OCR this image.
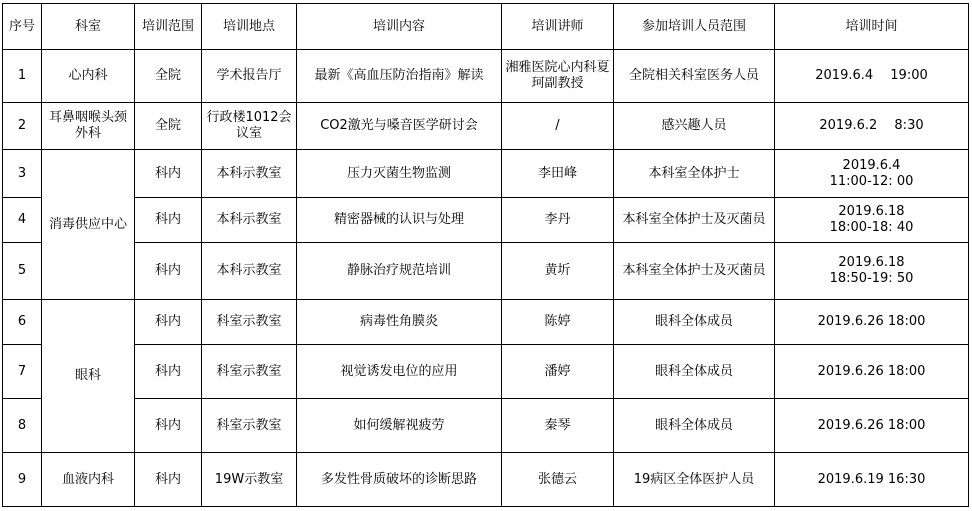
序号	科室	培训范围	培训地点	培训内容	培训讲师	参加培训人员范围	培训时间
1	心内科	全院	学术报告厅	最新《高血压防治指南》解读	湘雅医院心内科夏珂副教授	全院相关科室医务人员	2019.6.4　 19:00
2	耳鼻咽喉头颈外科	全院	行政楼1012会议室	CO2激光与嗓音医学研讨会	/	感兴趣人员	2019.6.2　 8:30
3	消毒供应中心	科内	本科示教室	压力灭菌生物监测	李田峰	本科室全体护士	2019.6.4
11:00-12: 00
4		科内	本科示教室	精密器械的认识与处理	李丹	本科室全体护士及灭菌员	2019.6.18
18:00-18: 40
5		科内	本科示教室	静脉治疗规范培训	黄圻	本科室全体护士及灭菌员	2019.6.18
18:50-19: 50
6	眼科	科内	科室示教室	病毒性角膜炎	陈婷	眼科全体成员	2019.6.26 18:00
7		科内	科室示教室	视觉诱发电位的应用	潘婷	眼科全体成员	2019.6.26 18:00
8		科内	科室示教室	如何缓解视疲劳	秦琴	眼科全体成员	2019.6.26 18:00
9	血液内科	科内	19W示教室	多发性骨质破坏的诊断思路	张德云	19病区全体医护人员	2019.6.19 16:30
